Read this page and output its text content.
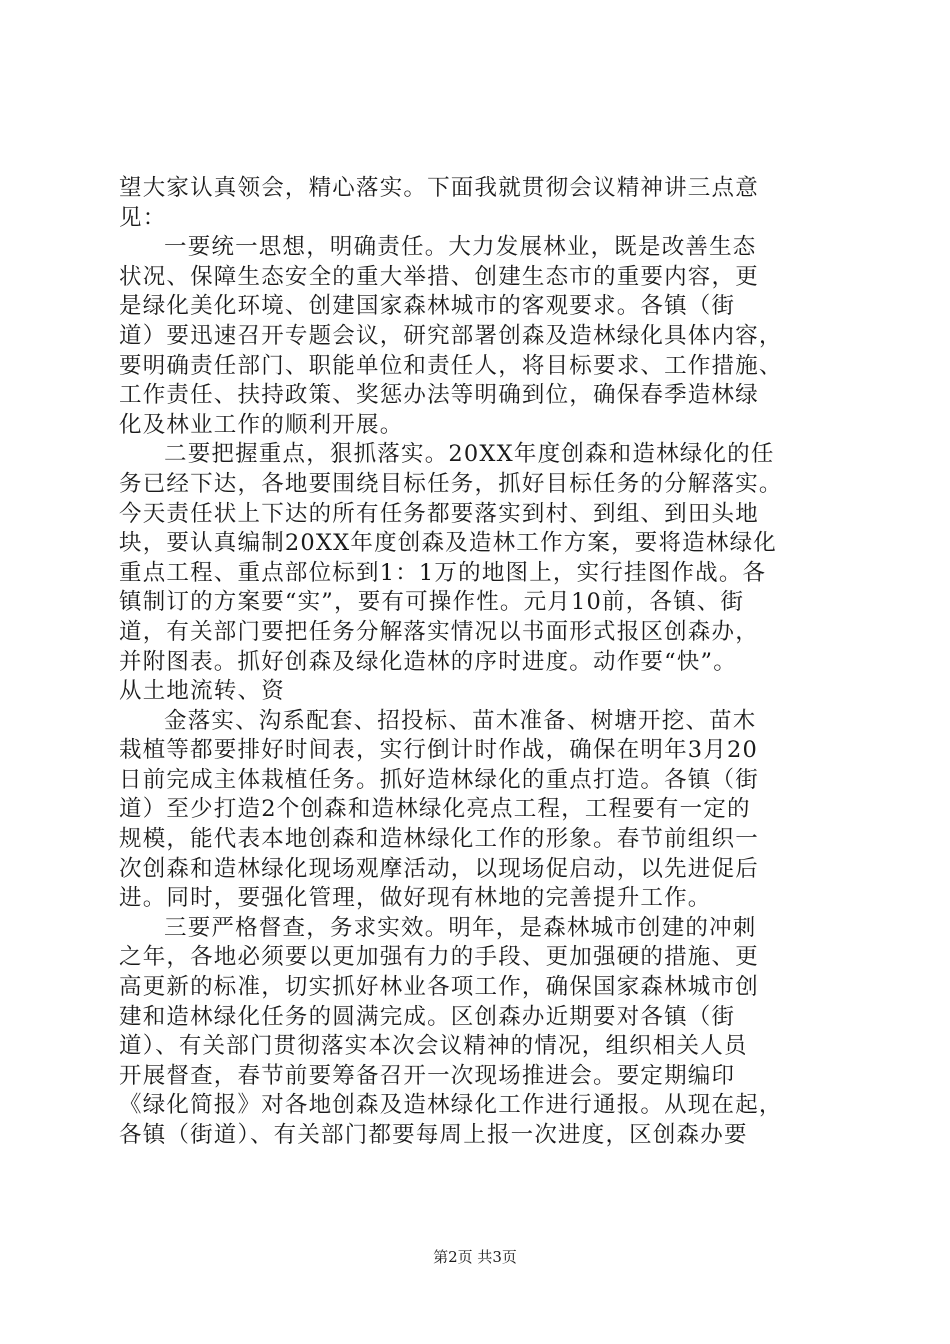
望大家认真领会，精心落实。下面我就贯彻会议精神讲三点意
见：
一要统一思想，明确责任。大力发展林业，既是改善生态
状况、保障生态安全的重大举措、创建生态市的重要内容，更
是绿化美化环境、创建国家森林城市的客观要求。各镇（街
道）要迅速召开专题会议，研究部署创森及造林绿化具体内容，
要明确责任部门、职能单位和责任人，将目标要求、工作措施、
工作责任、扶持政策、奖惩办法等明确到位，确保春季造林绿
化及林业工作的顺利开展。
二要把握重点，狠抓落实。20XX年度创森和造林绿化的任
务已经下达，各地要围绕目标任务，抓好目标任务的分解落实。
今天责任状上下达的所有任务都要落实到村、到组、到田头地
块，要认真编制20XX年度创森及造林工作方案，要将造林绿化
重点工程、重点部位标到1：1万的地图上，实行挂图作战。各
镇制订的方案要“实”，要有可操作性。元月10前，各镇、街
道，有关部门要把任务分解落实情况以书面形式报区创森办，
并附图表。抓好创森及绿化造林的序时进度。动作要“快”。
从土地流转、资
金落实、沟系配套、招投标、苗木准备、树塘开挖、苗木
栽植等都要排好时间表，实行倒计时作战，确保在明年3月20
日前完成主体栽植任务。抓好造林绿化的重点打造。各镇（街
道）至少打造2个创森和造林绿化亮点工程，工程要有一定的
规模，能代表本地创森和造林绿化工作的形象。春节前组织一
次创森和造林绿化现场观摩活动，以现场促启动，以先进促后
进。同时，要强化管理，做好现有林地的完善提升工作。
三要严格督查，务求实效。明年，是森林城市创建的冲刺
之年，各地必须要以更加强有力的手段、更加强硬的措施、更
高更新的标准，切实抓好林业各项工作，确保国家森林城市创
建和造林绿化任务的圆满完成。区创森办近期要对各镇（街
道）、有关部门贯彻落实本次会议精神的情况，组织相关人员
开展督查，春节前要筹备召开一次现场推进会。要定期编印
《绿化简报》对各地创森及造林绿化工作进行通报。从现在起，
各镇（街道）、有关部门都要每周上报一次进度，区创森办要
第2页 共3页
